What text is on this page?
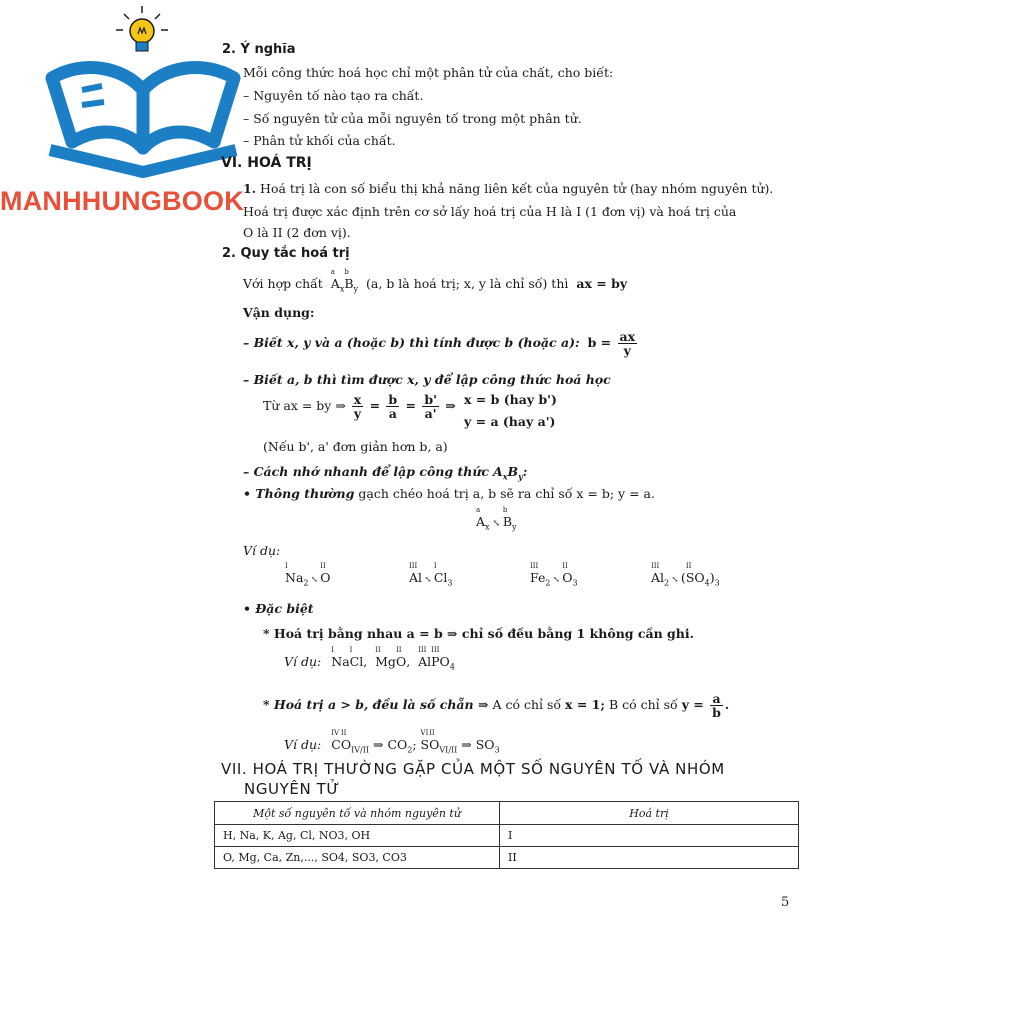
MANHHUNGBOOK
2. Ý nghĩa
Mỗi công thức hoá học chỉ một phân tử của chất, cho biết:
– Nguyên tố nào tạo ra chất.
– Số nguyên tử của mỗi nguyên tố trong một phân tử.
– Phân tử khối của chất.
VI. HOÁ TRỊ
1. Hoá trị là con số biểu thị khả năng liên kết của nguyên tử (hay nhóm nguyên tử).
Hoá trị được xác định trên cơ sở lấy hoá trị của H là I (1 đơn vị) và hoá trị của
O là II (2 đơn vị).
2. Quy tắc hoá trị
Với hợp chất A
a
$_x$B
b
$_y$ (a, b là hoá trị; x, y là chỉ số) thì ax = by
Vận dụng:
– Biết x, y và a (hoặc b) thì tính được b (hoặc a): $b = \frac{ax}{y}$
– Biết a, b thì tìm được x, y để lập công thức hoá học
Từ ax = by ⇒ $\frac{x}{y} = \frac{b}{a} = \frac{b'}{a'}$ ⇒ x = b (hay b')
y = a (hay a')
(Nếu b', a' đơn giản hơn b, a)
– Cách nhớ nhanh để lập công thức $A_xB_y$:
• Thông thường gạch chéo hoá trị a, b sẽ ra chỉ số x = b; y = a.
A
a
$_x$ ⤡ B
b
$_y$
Ví dụ:
Na
I
$_2$ ⤡ O
II
Al
III
⤡ Cl
I
$_3$	Fe
III
$_2$ ⤡ O
II
$_3$	Al
III
$_2$ ⤡ (SO
II
$_4)_3$
• Đặc biệt
* Hoá trị bằng nhau a = b ⇒ chỉ số đều bằng 1 không cần ghi.
Ví dụ: Na
I
Cl
I
,  Mg
II
O
II
,  Al
III
PO
III
$_4$
* Hoá trị a > b, đều là số chẵn ⇒ A có chỉ số x = 1; B có chỉ số $y = \frac{a}{b}$ .
Ví dụ: C
IV
O
II
$_{IV/II}$ ⇒ $CO_2$; S
VI
O
II
$_{VI/II}$ ⇒ $SO_3$
VII. HOÁ TRỊ THƯỜNG GẶP CỦA MỘT SỐ NGUYÊN TỐ VÀ NHÓM
NGUYÊN TỬ
Một số nguyên tố và nhóm nguyên tử	Hoá trị
H, Na, K, Ag, Cl, NO3, OH	I
O, Mg, Ca, Zn,..., SO4, SO3, CO3	II
5
